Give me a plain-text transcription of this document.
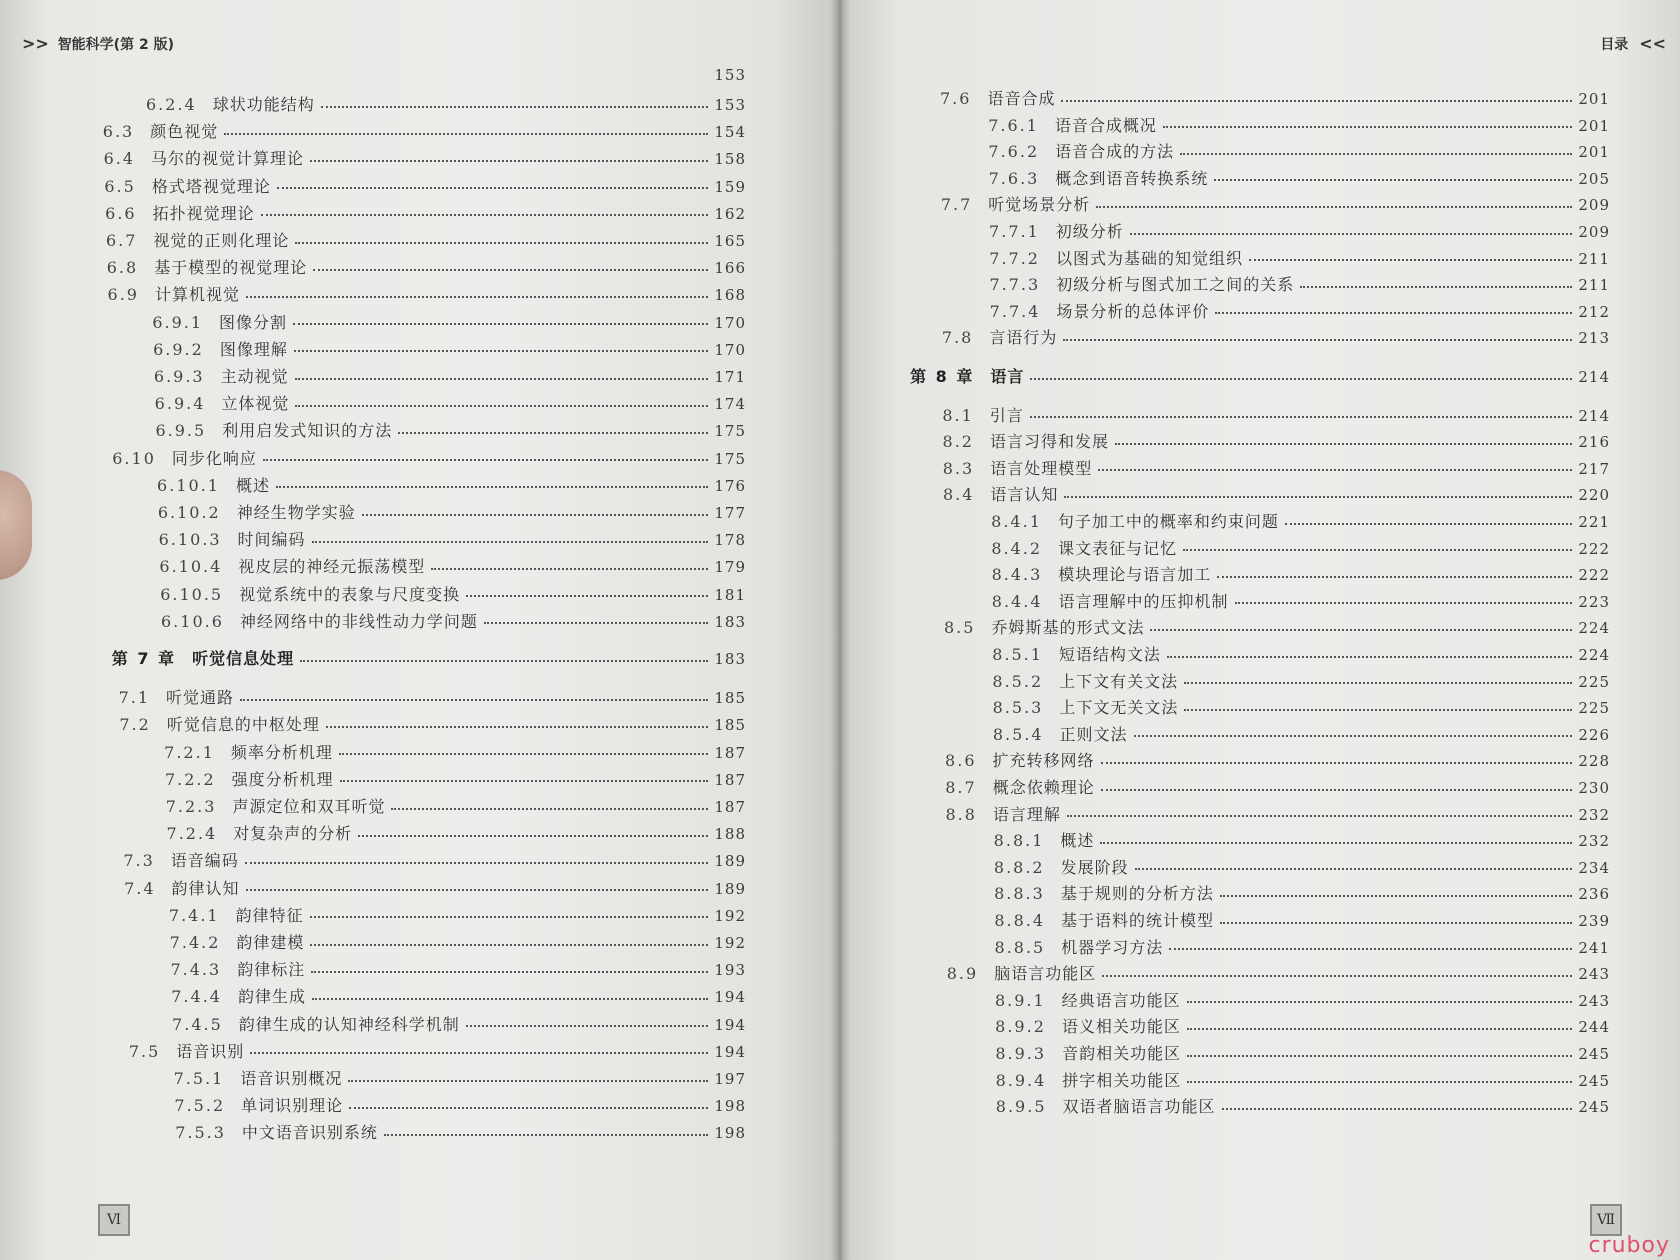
>> 智能科学(第 2 版)
153
6.2.4 球状功能结构	153
6.3 颜色视觉	154
6.4 马尔的视觉计算理论	158
6.5 格式塔视觉理论	159
6.6 拓扑视觉理论	162
6.7 视觉的正则化理论	165
6.8 基于模型的视觉理论	166
6.9 计算机视觉	168
6.9.1 图像分割	170
6.9.2 图像理解	170
6.9.3 主动视觉	171
6.9.4 立体视觉	174
6.9.5 利用启发式知识的方法	175
6.10 同步化响应	175
6.10.1 概述	176
6.10.2 神经生物学实验	177
6.10.3 时间编码	178
6.10.4 视皮层的神经元振荡模型	179
6.10.5 视觉系统中的表象与尺度变换	181
6.10.6 神经网络中的非线性动力学问题	183
第 7 章 听觉信息处理	183
7.1 听觉通路	185
7.2 听觉信息的中枢处理	185
7.2.1 频率分析机理	187
7.2.2 强度分析机理	187
7.2.3 声源定位和双耳听觉	187
7.2.4 对复杂声的分析	188
7.3 语音编码	189
7.4 韵律认知	189
7.4.1 韵律特征	192
7.4.2 韵律建模	192
7.4.3 韵律标注	193
7.4.4 韵律生成	194
7.4.5 韵律生成的认知神经科学机制	194
7.5 语音识别	194
7.5.1 语音识别概况	197
7.5.2 单词识别理论	198
7.5.3 中文语音识别系统	198
Ⅵ
目录 <<
7.6 语音合成	201
7.6.1 语音合成概况	201
7.6.2 语音合成的方法	201
7.6.3 概念到语音转换系统	205
7.7 听觉场景分析	209
7.7.1 初级分析	209
7.7.2 以图式为基础的知觉组织	211
7.7.3 初级分析与图式加工之间的关系	211
7.7.4 场景分析的总体评价	212
7.8 言语行为	213
第 8 章 语言	214
8.1 引言	214
8.2 语言习得和发展	216
8.3 语言处理模型	217
8.4 语言认知	220
8.4.1 句子加工中的概率和约束问题	221
8.4.2 课文表征与记忆	222
8.4.3 模块理论与语言加工	222
8.4.4 语言理解中的压抑机制	223
8.5 乔姆斯基的形式文法	224
8.5.1 短语结构文法	224
8.5.2 上下文有关文法	225
8.5.3 上下文无关文法	225
8.5.4 正则文法	226
8.6 扩充转移网络	228
8.7 概念依赖理论	230
8.8 语言理解	232
8.8.1 概述	232
8.8.2 发展阶段	234
8.8.3 基于规则的分析方法	236
8.8.4 基于语料的统计模型	239
8.8.5 机器学习方法	241
8.9 脑语言功能区	243
8.9.1 经典语言功能区	243
8.9.2 语义相关功能区	244
8.9.3 音韵相关功能区	245
8.9.4 拼字相关功能区	245
8.9.5 双语者脑语言功能区	245
Ⅶ
cruboy
